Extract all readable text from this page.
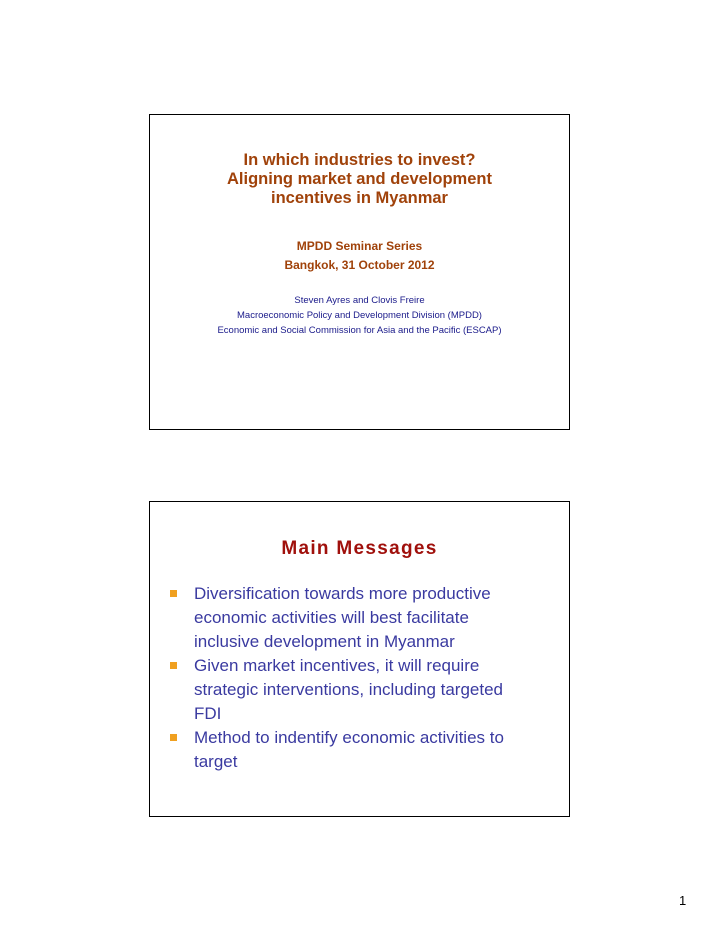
In which industries to invest?
Aligning market and development
incentives in Myanmar
MPDD Seminar Series
Bangkok, 31 October 2012
Steven Ayres and Clovis Freire
Macroeconomic Policy and Development Division (MPDD)
Economic and Social Commission for Asia and the Pacific (ESCAP)
Main Messages
Diversification towards more productive
economic activities will best facilitate
inclusive development in Myanmar
Given market incentives, it will require
strategic interventions, including targeted
FDI
Method to indentify economic activities to
target
1
